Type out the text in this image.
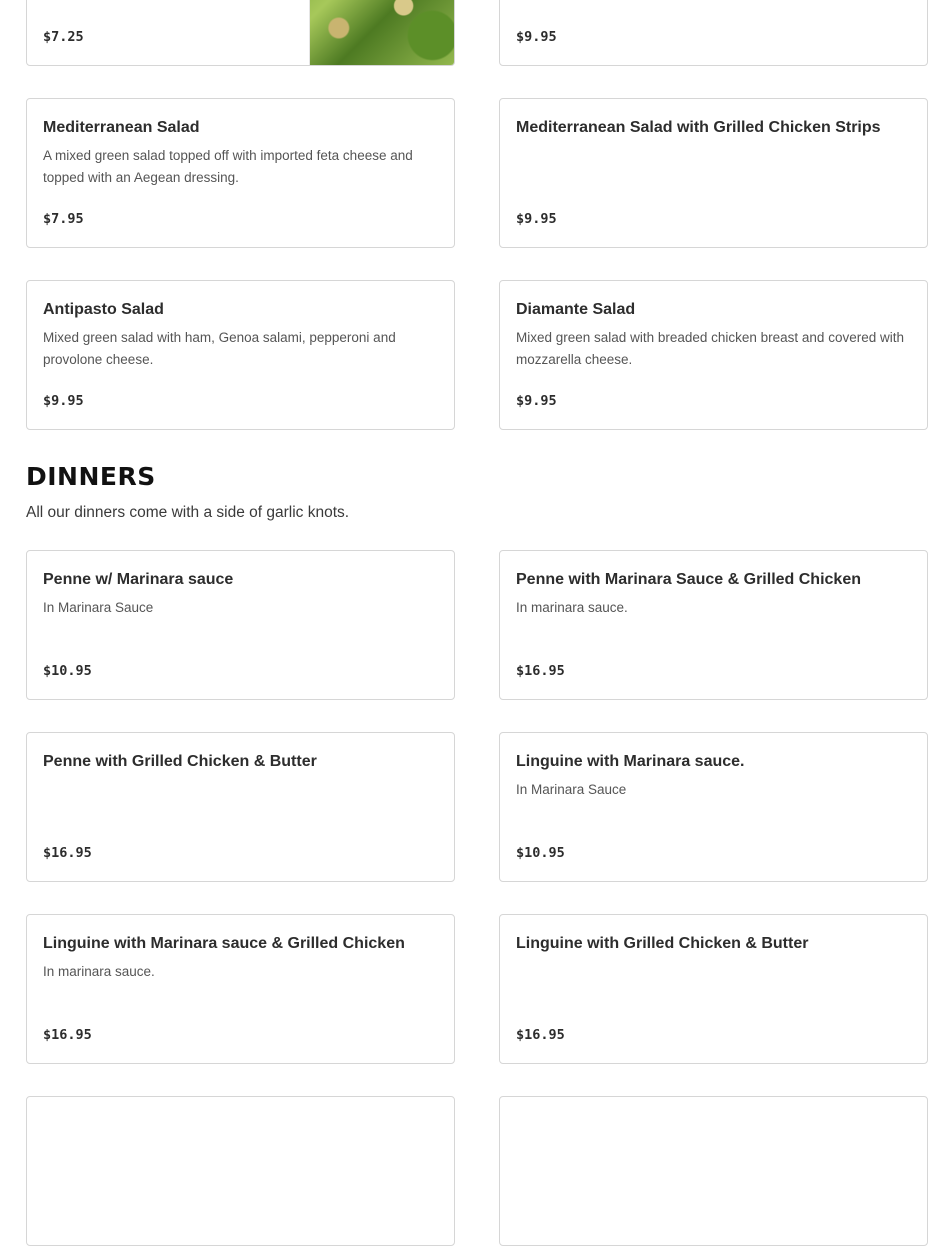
$7.25	$9.95
Mediterranean Salad
A mixed green salad topped off with imported feta cheese and topped with an Aegean dressing.
$7.95
Mediterranean Salad with Grilled Chicken Strips
$9.95
Antipasto Salad
Mixed green salad with ham, Genoa salami, pepperoni and provolone cheese.
$9.95
Diamante Salad
Mixed green salad with breaded chicken breast and covered with mozzarella cheese.
$9.95
DINNERS
All our dinners come with a side of garlic knots.
Penne w/ Marinara sauce
In Marinara Sauce
$10.95
Penne with Marinara Sauce & Grilled Chicken
In marinara sauce.
$16.95
Penne with Grilled Chicken & Butter
$16.95
Linguine with Marinara sauce.
In Marinara Sauce
$10.95
Linguine with Marinara sauce & Grilled Chicken
In marinara sauce.
$16.95
Linguine with Grilled Chicken & Butter
$16.95
